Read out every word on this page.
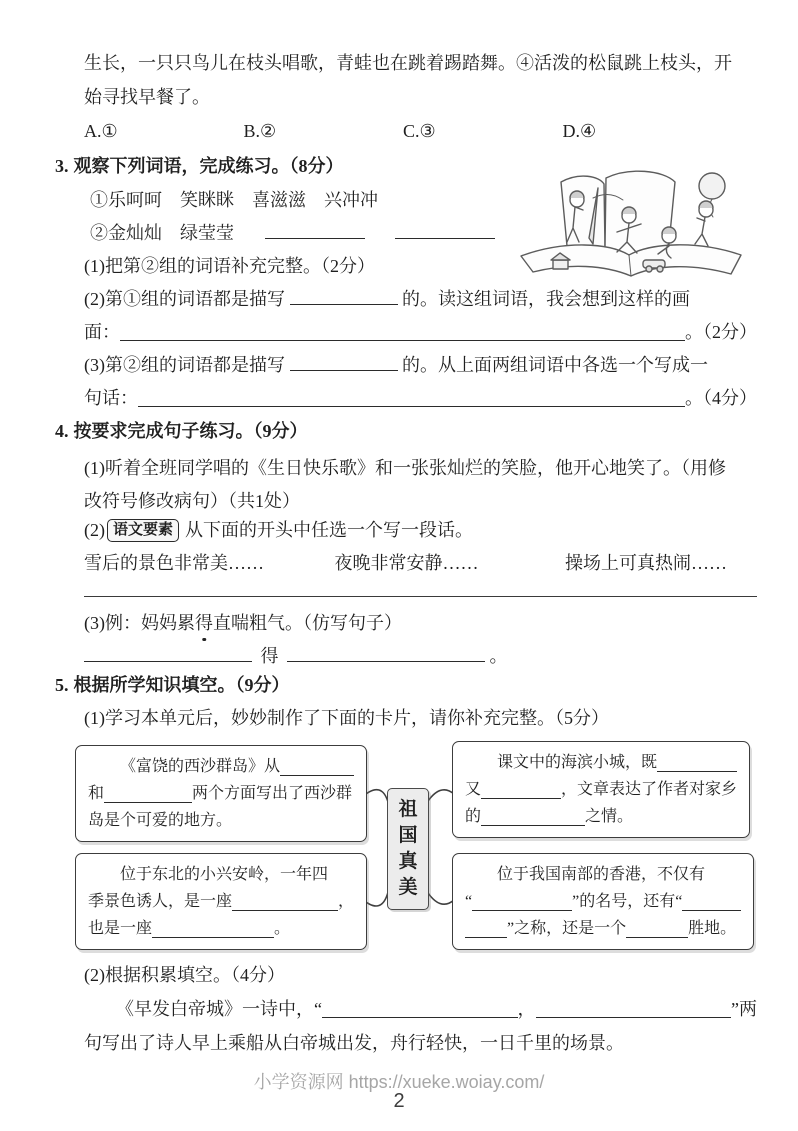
生长，一只只鸟儿在枝头唱歌，青蛙也在跳着踢踏舞。④活泼的松鼠跳上枝头，开
始寻找早餐了。
A.①	B.②	C.③	D.④
3. 观察下列词语，完成练习。（8分）
①乐呵呵　笑眯眯　喜滋滋　兴冲冲
②金灿灿　绿莹莹
(1)把第②组的词语补充完整。（2分）
(2)第①组的词语都是描写	的。读这组词语，我会想到这样的画
面：	。（2分）
(3)第②组的词语都是描写	的。从上面两组词语中各选一个写成一
句话：	。（4分）
4. 按要求完成句子练习。（9分）
(1)听着全班同学唱的《生日快乐歌》和一张张灿烂的笑脸，他开心地笑了。（用修
改符号修改病句）（共1处）
(2) 语文要素 从下面的开头中任选一个写一段话。
雪后的景色非常美……	夜晚非常安静……	操场上可真热闹……
(3)例：妈妈累得直喘粗气。（仿写句子）
得	。
5. 根据所学知识填空。（9分）
(1)学习本单元后，妙妙制作了下面的卡片，请你补充完整。（5分）
《富饶的西沙群岛》从
和	两个方面写出了西沙群
岛是个可爱的地方。
课文中的海滨小城，既
又	，文章表达了作者对家乡
的	之情。
位于东北的小兴安岭，一年四
季景色诱人，是一座	，
也是一座	。
位于我国南部的香港，不仅有
“	”的名号，还有“
”之称，还是一个	胜地。
祖国真美
(2)根据积累填空。（4分）
《早发白帝城》一诗中，“	，	”两
句写出了诗人早上乘船从白帝城出发，舟行轻快，一日千里的场景。
小学资源网 https://xueke.woiay.com/
2
